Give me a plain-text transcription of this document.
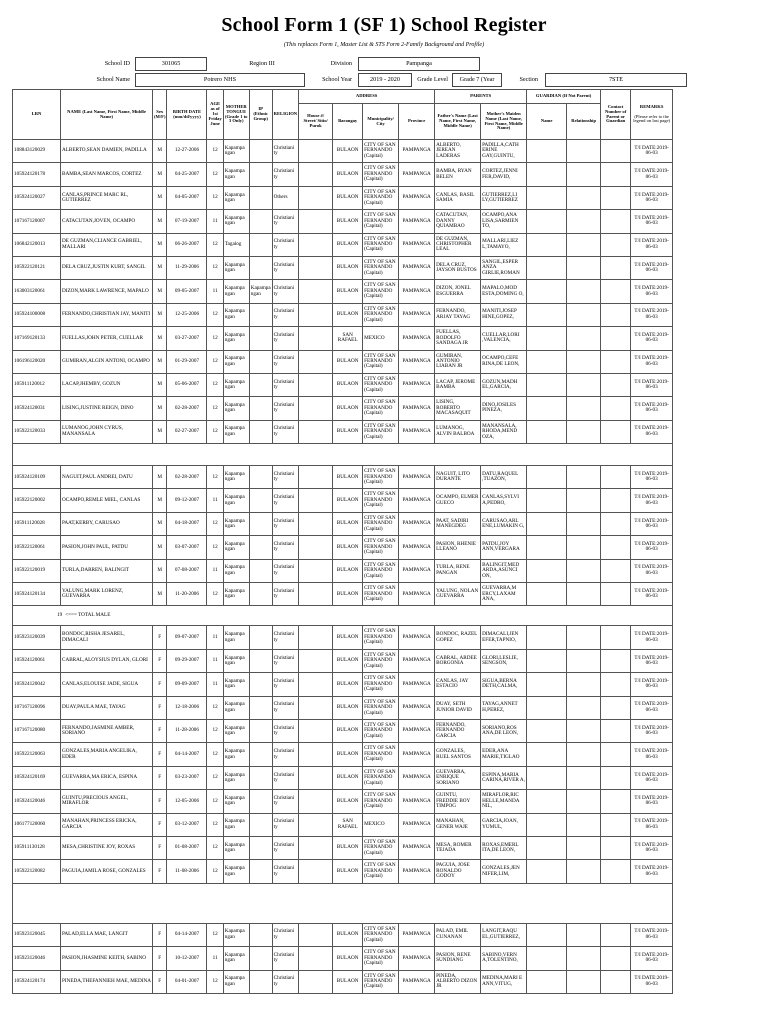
School Form 1 (SF 1) School Register
(This replaces Form 1, Master List & STS Form 2-Family Background and Profile)
School ID	301065	Region III	Division	Pampanga
School Name	Potrero NHS	School Year	2019 - 2020	Grade Level	Grade 7 (Year	Section	7STE
LRN	NAME (Last Name, First Name, Middle Name)	Sex (M/F)	BIRTH DATE (mm/dd/yyyy)	AGE as of 1st Friday June	MOTHER TONGUE (Grade 1 to 3 Only)	IP (Ethnic Group)	RELIGION	ADDRESS				PARENTS		GUARDIAN (If Not Parent)		Contact Number of Parent or Guardian	REMARKS

(Please refer to the legend on last page)
								House #/ Street/ Sitio/ Purok	Barangay	Municipality/ City	Province	Father's Name (Last Name, First Name, Middle Name)	Mother's Maiden Name (Last Name, First Name, Middle Name)	Name	Relationship		
108843120029	ALBERTO,SEAN DAMIEN, PADILLA	M	12-27-2006	12	Kapampa ngan		Christiani ty		BULAON	CITY OF SAN FERNANDO (Capital)	PAMPANGA	ALBERTO, JEREAN LADERAS	PADILLA,CATH ERINE GAY,GUINTU,				T/I DATE:2019-06-03
105924120178	BAMBA,SEAN MARCOS, CORTEZ	M	04-25-2007	12	Kapampa ngan		Christiani ty		BULAON	CITY OF SAN FERNANDO (Capital)	PAMPANGA	BAMBA, RYAN BELEN	CORTEZ,JENNI FER,DAVID,				T/I DATE:2019-06-03
105924120027	CANLAS,PRINCE MARC RL, GUTIERREZ	M	04-05-2007	12	Kapampa ngan		Others		BULAON	CITY OF SAN FERNANDO (Capital)	PAMPANGA	CANLAS, BASIL SAMIA	GUTIERREZ,LI LY,GUTIERREZ				T/I DATE:2019-06-03
107167120007	CATACUTAN,JOVEN, OCAMPO	M	07-19-2007	11	Kapampa ngan		Christiani ty		BULAON	CITY OF SAN FERNANDO (Capital)	PAMPANGA	CATACUTAN, DANNY QUIAMBAO	OCAMPO,ANA LISA,SARMIEN TO,				T/I DATE:2019-06-03
106842120013	DE GUZMAN,CLIANCE GABRIEL, MALLARI	M	06-26-2007	12	Tagalog		Christiani ty		BULAON	CITY OF SAN FERNANDO (Capital)	PAMPANGA	DE GUZMAN, CHRISTOPHER LEAL	MALLARI,LIEZ L,TAMAYO,				T/I DATE:2019-06-03
105922120121	DELA CRUZ,JUSTIN KURT, SANGIL	M	11-29-2006	12	Kapampa ngan		Christiani ty		BULAON	CITY OF SAN FERNANDO (Capital)	PAMPANGA	DELA CRUZ, JAYSON BUSTOS	SANGIL,ESPER ANZA GIRLIE,ROMAN				T/I DATE:2019-06-03
163003120061	DIZON,MARK LAWRENCE, MAPALO	M	09-05-2007	11	Kapampa ngan	Kapampa ngan	Christiani ty		BULAON	CITY OF SAN FERNANDO (Capital)	PAMPANGA	DIZON, JONEL ESGUERRA	MAPALO,MOD ESTA,DOMING O,				T/I DATE:2019-06-03
105924100008	FERNANDO,CHRISTIAN JAY, MANITI	M	12-25-2006	12	Kapampa ngan		Christiani ty		BULAON	CITY OF SAN FERNANDO (Capital)	PAMPANGA	FERNANDO, ARJAY TAYAG	MANITI,JOSEP HINE,GOPEZ,				T/I DATE:2019-06-03
107169120133	FUELLAS,JOHN PETER, CUELLAR	M	03-27-2007	12	Kapampa ngan		Christiani ty		SAN RAFAEL	MEXICO	PAMPANGA	FUELLAS, RODOLFO SANDAGA JR	CUELLAR,LORI ,VALENCIA,				T/I DATE:2019-06-03
106196120020	GUMIRAN,ALGIN ANTONI, OCAMPO	M	01-29-2007	12	Kapampa ngan		Christiani ty		BULAON	CITY OF SAN FERNANDO (Capital)	PAMPANGA	GUMIRAN, ANTONIO LIABAN JR	OCAMPO,CEFE RINA,DE LEON,				T/I DATE:2019-06-03
105911120012	LACAP,JHEMBY, GOZUN	M	05-06-2007	12	Kapampa ngan		Christiani ty		BULAON	CITY OF SAN FERNANDO (Capital)	PAMPANGA	LACAP, JEROME BAMBA	GOZUN,MADH EL,GARCIA,				T/I DATE:2019-06-03
105924120031	LISING,JUSTINE REIGN, DINO	M	02-28-2007	12	Kapampa ngan		Christiani ty		BULAON	CITY OF SAN FERNANDO (Capital)	PAMPANGA	LISING, ROBERTO MACASAQUIT	DINO,JOSILES PINEZA,				T/I DATE:2019-06-03
105922120033	LUMANOG,JOHN CYRUS, MANANSALA	M	02-27-2007	12	Kapampa ngan		Christiani ty		BULAON	CITY OF SAN FERNANDO (Capital)	PAMPANGA	LUMANOG, ALVIN BALBOA	MANANSALA, RHODA,MEND OZA,				T/I DATE:2019-06-03

105924120109	NAGUIT,PAUL ANDREI, DATU	M	02-28-2007	12	Kapampa ngan		Christiani ty		BULAON	CITY OF SAN FERNANDO (Capital)	PAMPANGA	NAGUIT, LITO DURANTE	DATU,RAQUEL ,TUAZON,				T/I DATE:2019-06-03
105922120002	OCAMPO,REMLE MIEL, CANLAS	M	09-12-2007	11	Kapampa ngan		Christiani ty		BULAON	CITY OF SAN FERNANDO (Capital)	PAMPANGA	OCAMPO, ELMER GUECO	CANLAS,SYLVI A,PEDRO,				T/I DATE:2019-06-03
105911120028	PAAT,KERBY, CARUSAO	M	04-18-2007	12	Kapampa ngan		Christiani ty		BULAON	CITY OF SAN FERNANDO (Capital)	PAMPANGA	PAAT, SADIRI MANEGDEG	CARUSAO,ARL ENE,LUMAKIN G,				T/I DATE:2019-06-03
105922120061	PASION,JOHN PAUL, PATDU	M	03-07-2007	12	Kapampa ngan		Christiani ty		BULAON	CITY OF SAN FERNANDO (Capital)	PAMPANGA	PASION, RHENIE LLEANO	PATDU,JOY ANN,VERGARA				T/I DATE:2019-06-03
105922120019	TURLA,DARREN, BALINGIT	M	07-08-2007	11	Kapampa ngan		Christiani ty		BULAON	CITY OF SAN FERNANDO (Capital)	PAMPANGA	TURLA, RENE PANGAN	BALINGIT,MED ARDA,ASUNCI ON,				T/I DATE:2019-06-03
105924120134	YALUNG,MARK LORENZ, GUEVARRA	M	11-20-2006	12	Kapampa ngan		Christiani ty		BULAON	CITY OF SAN FERNANDO (Capital)	PAMPANGA	YALUNG, NOLAN GUEVARRA	GUEVARRA,M ERCY,LAXAM ANA,				T/I DATE:2019-06-03
19 <=== TOTAL MALE																	
105923120039	BONDOC,RISHA JESAREL, DIMACALI	F	09-07-2007	11	Kapampa ngan		Christiani ty		BULAON	CITY OF SAN FERNANDO (Capital)	PAMPANGA	BONDOC, RAZEL GOPEZ	DIMACALI,JEN EFER,TAPNIO,				T/I DATE:2019-06-03
105924120061	CABRAL,ALOYSIUS DYLAN, GLORI	F	09-29-2007	11	Kapampa ngan		Christiani ty		BULAON	CITY OF SAN FERNANDO (Capital)	PAMPANGA	CABRAL, ARDEE BORGONIA	GLORI,LESLIE, SENGSON,				T/I DATE:2019-06-03
105924120042	CANLAS,ELOUISE JADE, SIGUA	F	09-09-2007	11	Kapampa ngan		Christiani ty		BULAON	CITY OF SAN FERNANDO (Capital)	PAMPANGA	CANLAS, JAY ESTACIO	SIGUA,BERNA DETH,CALMA,				T/I DATE:2019-06-03
107167120096	DUAY,PAULA MAE, TAYAG	F	12-18-2006	12	Kapampa ngan		Christiani ty		BULAON	CITY OF SAN FERNANDO (Capital)	PAMPANGA	DUAY, SETH JUNIOR DAVID	TAYAG,ANNET H,PEREZ,				T/I DATE:2019-06-03
107167120080	FERNANDO,JASMINE AMBER, SORIANO	F	11-28-2006	12	Kapampa ngan		Christiani ty		BULAON	CITY OF SAN FERNANDO (Capital)	PAMPANGA	FERNANDO, FERNANDO GARCIA	SORIANO,ROS ANA,DE LEON,				T/I DATE:2019-06-03
105922120063	GONZALES,MARIA ANGELIKA, EDER	F	04-14-2007	12	Kapampa ngan		Christiani ty		BULAON	CITY OF SAN FERNANDO (Capital)	PAMPANGA	GONZALES, RUEL SANTOS	EDER,ANA MARIE,TIGLAO				T/I DATE:2019-06-03
105924120169	GUEVARRA,MA ERICA, ESPINA	F	03-23-2007	12	Kapampa ngan		Christiani ty		BULAON	CITY OF SAN FERNANDO (Capital)	PAMPANGA	GUEVARRA, ENRIQUE SORIANO	ESPINA,MARIA CARINA,RIVER A,				T/I DATE:2019-06-03
105924120046	GUINTU,PRECIOUS ANGEL, MIRAFLOR	F	12-05-2006	12	Kapampa ngan		Christiani ty		BULAON	CITY OF SAN FERNANDO (Capital)	PAMPANGA	GUINTU, FREDDIE BOY TIMPOG	MIRAFLOR,RIC HELLE,MANDA NIL,				T/I DATE:2019-06-03
106177120060	MANAHAN,PRINCESS ERICKA, GARCIA	F	03-12-2007	12	Kapampa ngan		Christiani ty		SAN RAFAEL	MEXICO	PAMPANGA	MANAHAN, GENER WAJE	GARCIA,JOAN, YUMUL,				T/I DATE:2019-06-03
105911130128	MESA,CHRISTINE JOY, ROXAS	F	01-08-2007	12	Kapampa ngan		Christiani ty		BULAON	CITY OF SAN FERNANDO (Capital)	PAMPANGA	MESA, ROMER TEJADA	ROXAS,EMERL ITA,DE LEON,				T/I DATE:2019-06-03
105922120082	PAGUIA,JAMILA ROSE, GONZALES	F	11-08-2006	12	Kapampa ngan		Christiani ty		BULAON	CITY OF SAN FERNANDO (Capital)	PAMPANGA	PAGUIA, JOSE RONALDO GODOY	GONZALES,JEN NIFER,LIM,				T/I DATE:2019-06-03

105923120045	PALAD,ELLA MAE, LANGIT	F	04-14-2007	12	Kapampa ngan		Christiani ty		BULAON	CITY OF SAN FERNANDO (Capital)	PAMPANGA	PALAD, EMIL CUNANAN	LANGIT,RAQU EL,GUTIERREZ,				T/I DATE:2019-06-03
105923120046	PASION,JHASMINE KEITH, SABINO	F	10-12-2007	11	Kapampa ngan		Christiani ty		BULAON	CITY OF SAN FERNANDO (Capital)	PAMPANGA	PASION, RENE SUNDIANG	SABINO,VERN A,TOLENTINO,				T/I DATE:2019-06-03
105924120174	PINEDA,THEFANNIEH MAE, MEDINA	F	04-01-2007	12	Kapampa ngan		Christiani ty		BULAON	CITY OF SAN FERNANDO (Capital)	PAMPANGA	PINEDA, ALBERTO DIZON JR	MEDINA,MARI E ANN,VITUG,				T/I DATE:2019-06-03
